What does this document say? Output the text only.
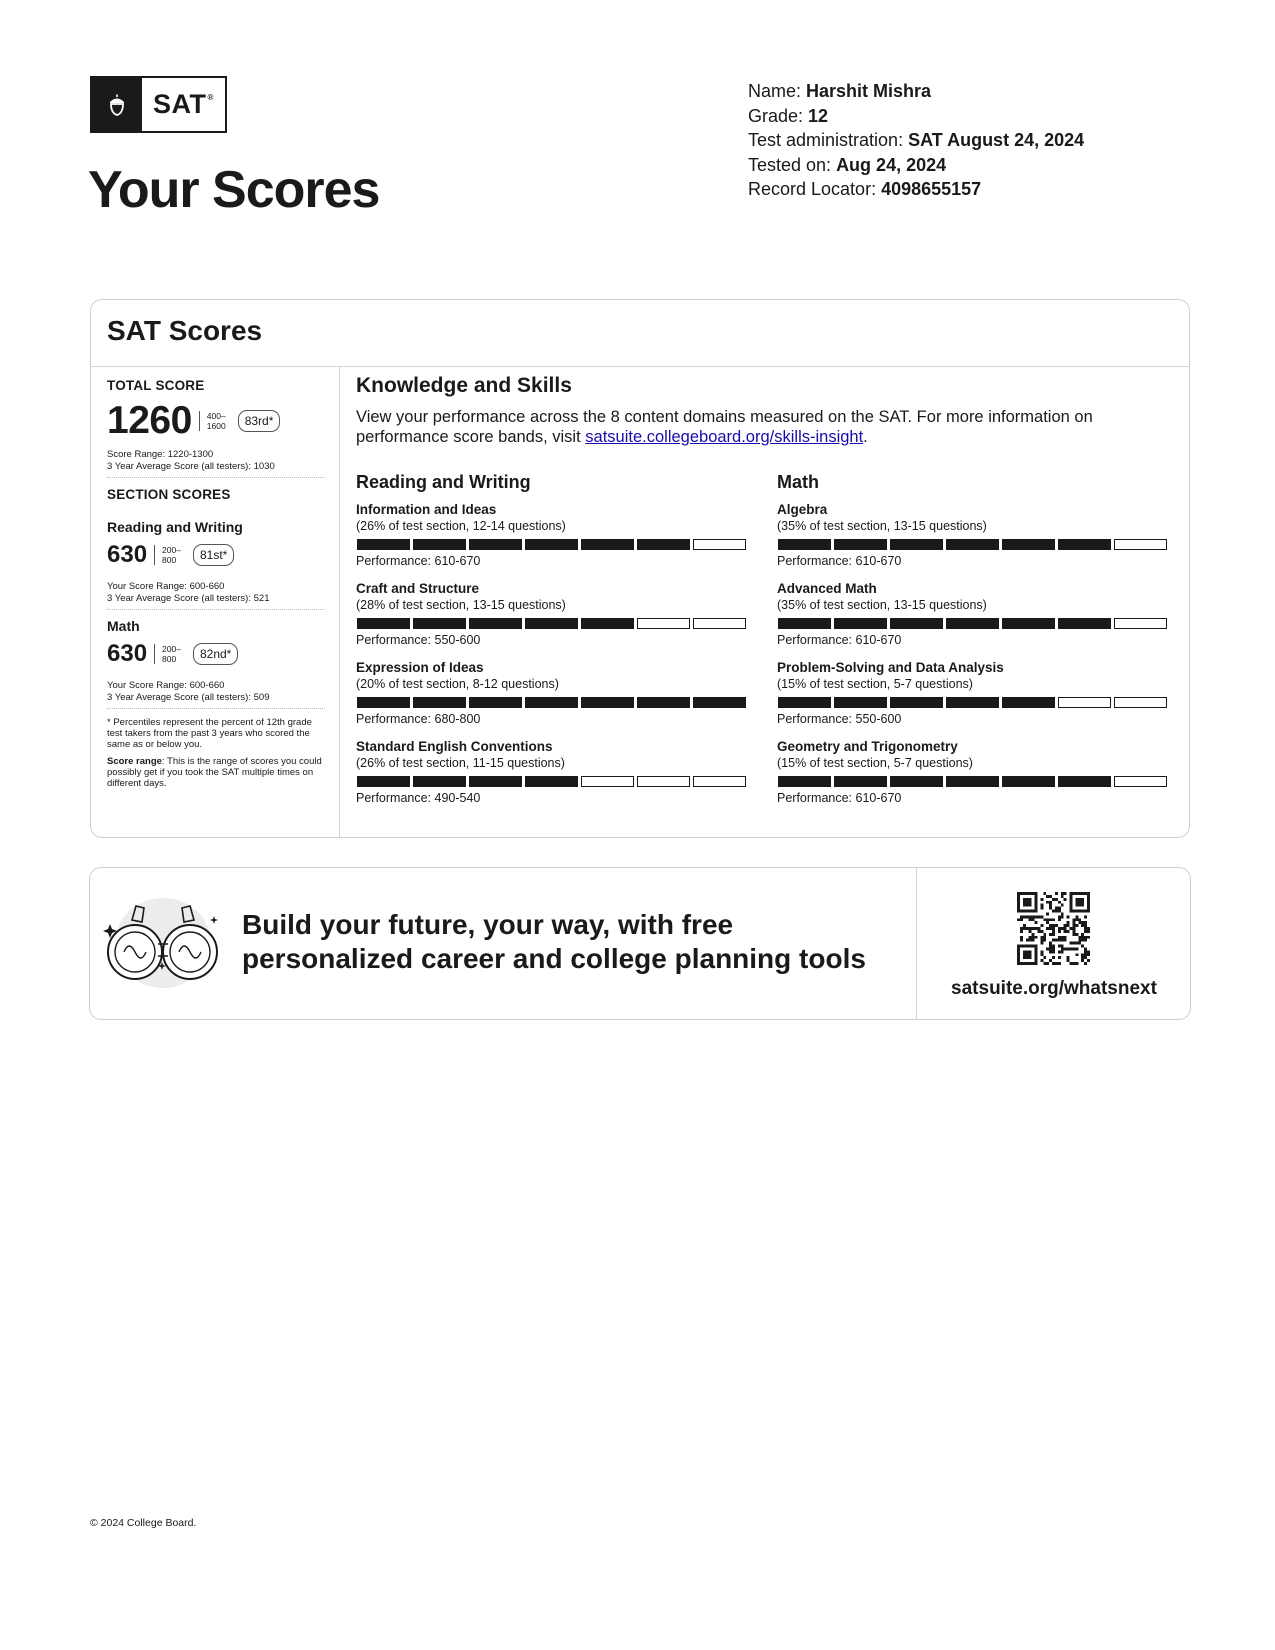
SAT®
Your Scores
Name: Harshit Mishra
Grade: 12
Test administration: SAT August 24, 2024
Tested on: Aug 24, 2024
Record Locator: 4098655157
SAT Scores
TOTAL SCORE
1260 400–
1600	83rd*
Score Range: 1220-1300
3 Year Average Score (all testers): 1030
SECTION SCORES
Reading and Writing
630 200–
800	81st*
Your Score Range: 600-660
3 Year Average Score (all testers): 521
Math
630 200–
800	82nd*
Your Score Range: 600-660
3 Year Average Score (all testers): 509
* Percentiles represent the percent of 12th grade test takers from the past 3 years who scored the same as or below you.
Score range: This is the range of scores you could possibly get if you took the SAT multiple times on different days.
Knowledge and Skills
View your performance across the 8 content domains measured on the SAT. For more information on performance score bands, visit satsuite.collegeboard.org/skills-insight.
Reading and Writing
Information and Ideas
(26% of test section, 12-14 questions)
Performance: 610-670
Craft and Structure
(28% of test section, 13-15 questions)
Performance: 550-600
Expression of Ideas
(20% of test section, 8-12 questions)
Performance: 680-800
Standard English Conventions
(26% of test section, 11-15 questions)
Performance: 490-540
Math
Algebra
(35% of test section, 13-15 questions)
Performance: 610-670
Advanced Math
(35% of test section, 13-15 questions)
Performance: 610-670
Problem-Solving and Data Analysis
(15% of test section, 5-7 questions)
Performance: 550-600
Geometry and Trigonometry
(15% of test section, 5-7 questions)
Performance: 610-670
Build your future, your way, with free personalized career and college planning tools
satsuite.org/whatsnext
© 2024 College Board.
